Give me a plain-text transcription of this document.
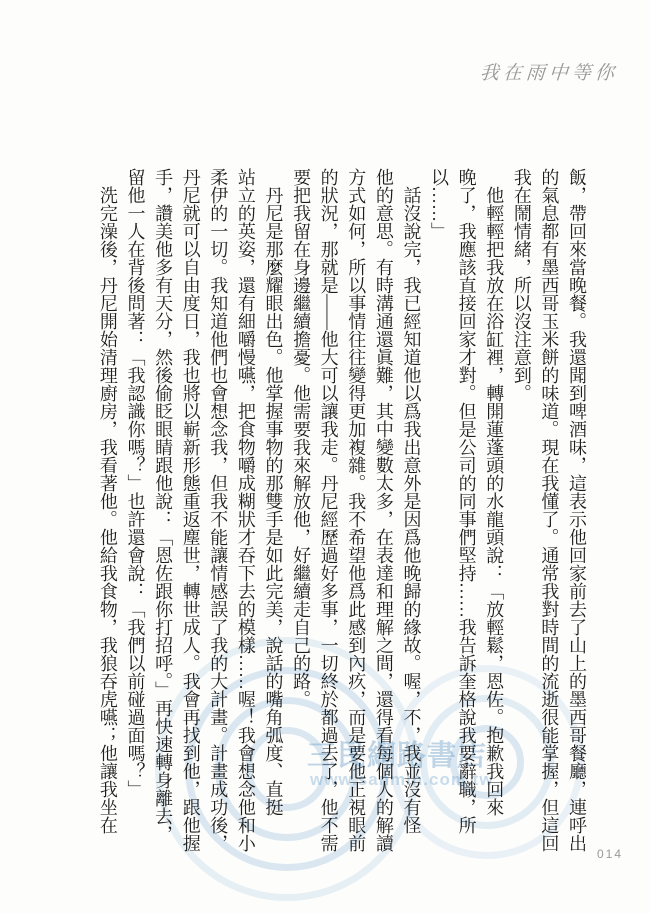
我在雨中等你
三民網路書店
www.sanmin.com.tw	飯，帶回來當晚餐。我還聞到啤酒味，這表示他回家前去了山上的墨西哥餐廳，連呼出
的氣息都有墨西哥玉米餅的味道。現在我懂了。通常我對時間的流逝很能掌握，但這回
我在鬧情緒，所以沒注意到。
他輕輕把我放在浴缸裡，轉開蓮蓬頭的水龍頭說：「放輕鬆，恩佐。抱歉我回來
晚了，我應該直接回家才對。但是公司的同事們堅持……我告訴奎格說我要辭職，所
以……」
話沒說完，我已經知道他以爲我出意外是因爲他晚歸的緣故。喔，不，我並沒有怪
他的意思。有時溝通還眞難，其中變數太多，在表達和理解之間，還得看每個人的解讀
方式如何，所以事情往往變得更加複雜。我不希望他爲此感到內疚，而是要他正視眼前
的狀況，那就是——他大可以讓我走。丹尼經歷過好多事，一切終於都過去了，他不需
要把我留在身邊繼續擔憂。他需要我來解放他，好繼續走自己的路。
丹尼是那麼耀眼出色。他掌握事物的那雙手是如此完美，說話的嘴角弧度、直挺
站立的英姿，還有細嚼慢嚥，把食物嚼成糊狀才吞下去的模樣……喔！我會想念他和小
柔伊的一切。我知道他們也會想念我，但我不能讓情感誤了我的大計畫。計畫成功後，
丹尼就可以自由度日，我也將以嶄新形態重返塵世，轉世成人。我會再找到他，跟他握
手，讚美他多有天分，然後偷眨眼睛跟他說：「恩佐跟你打招呼。」再快速轉身離去，
留他一人在背後問著：「我認識你嗎？」也許還會說：「我們以前碰過面嗎？」
洗完澡後，丹尼開始清理廚房，我看著他。他給我食物，我狼吞虎嚥；他讓我坐在
014
